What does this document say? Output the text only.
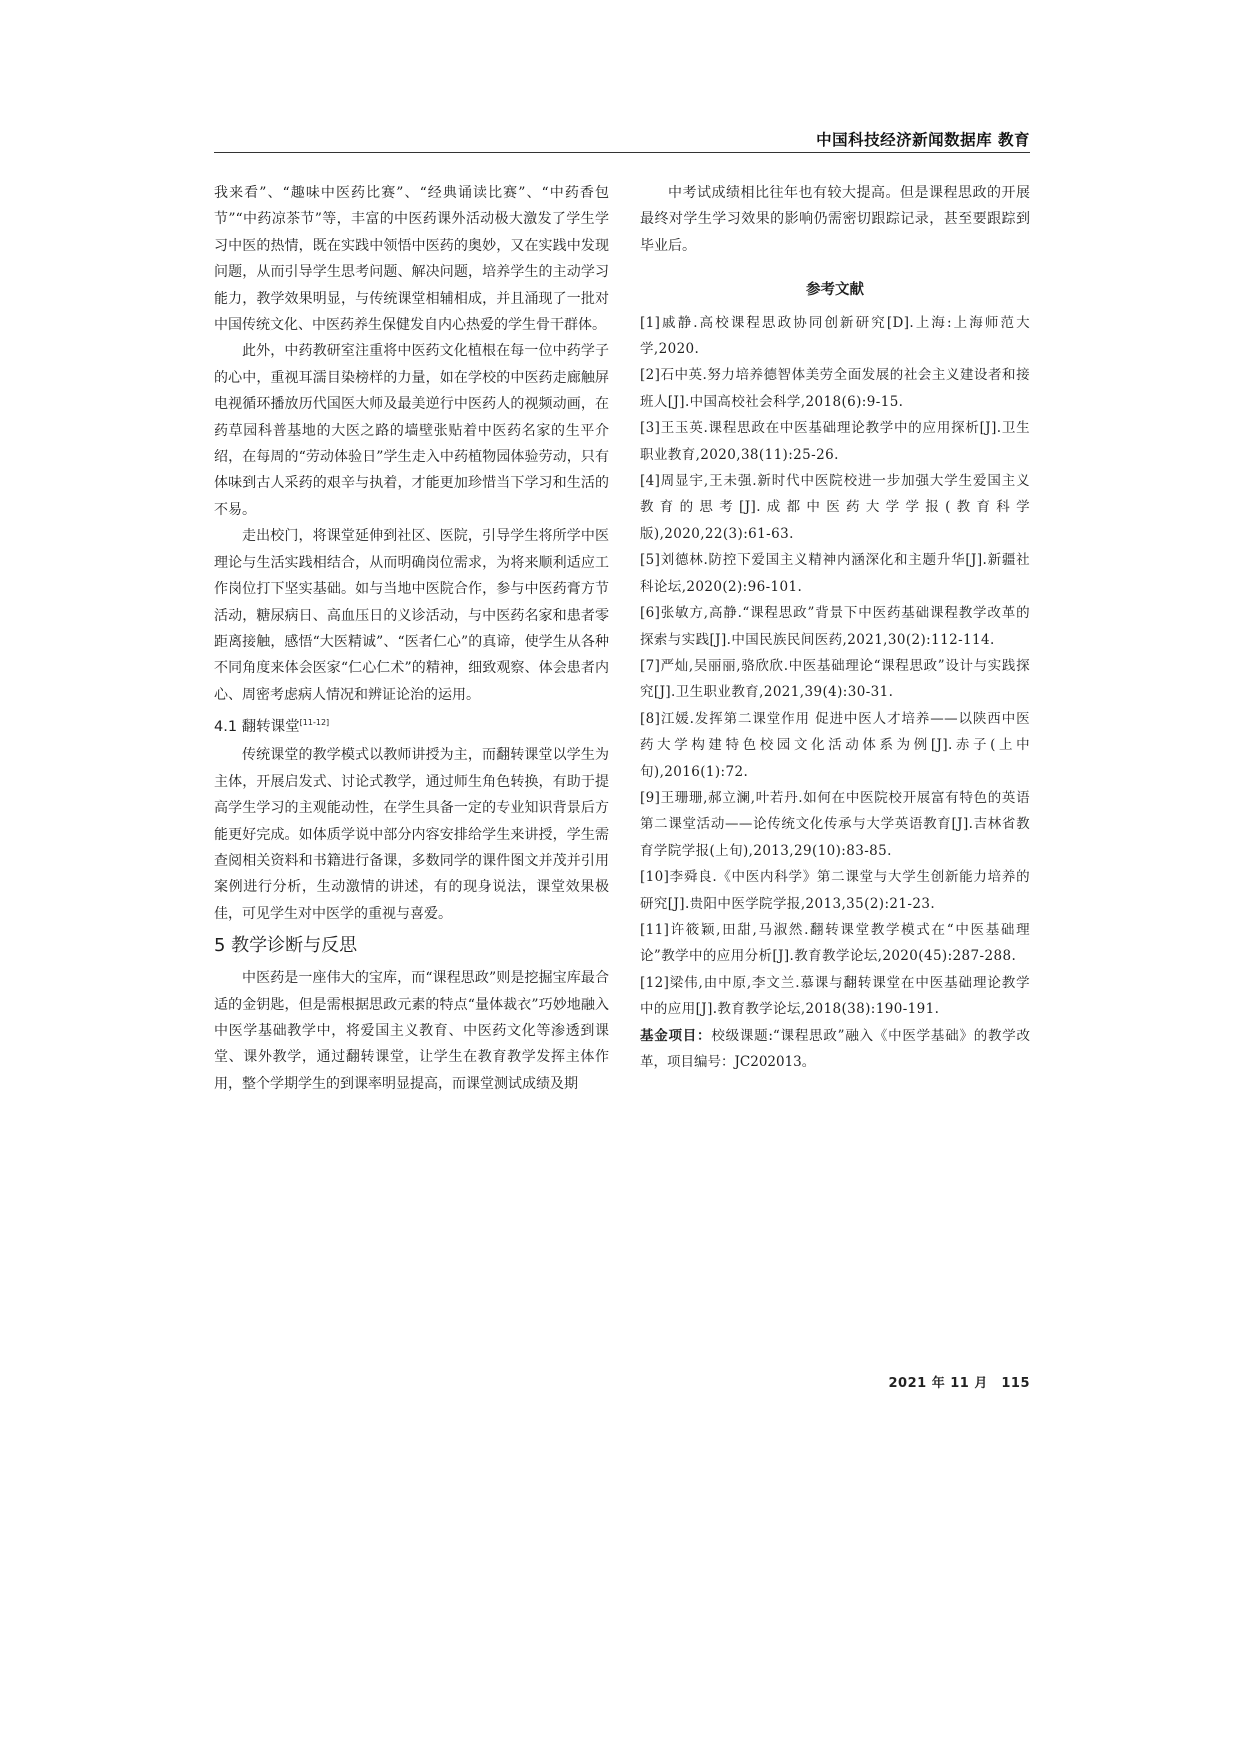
中国科技经济新闻数据库 教育

我来看”、“趣味中医药比赛”、“经典诵读比赛”、“中药香包节”“中药凉茶节”等，丰富的中医药课外活动极大激发了学生学习中医的热情，既在实践中领悟中医药的奥妙，又在实践中发现问题，从而引导学生思考问题、解决问题，培养学生的主动学习能力，教学效果明显，与传统课堂相辅相成，并且涌现了一批对中国传统文化、中医药养生保健发自内心热爱的学生骨干群体。

此外，中药教研室注重将中医药文化植根在每一位中药学子的心中，重视耳濡目染榜样的力量，如在学校的中医药走廊触屏电视循环播放历代国医大师及最美逆行中医药人的视频动画，在药草园科普基地的大医之路的墙壁张贴着中医药名家的生平介绍，在每周的“劳动体验日”学生走入中药植物园体验劳动，只有体味到古人采药的艰辛与执着，才能更加珍惜当下学习和生活的不易。

走出校门，将课堂延伸到社区、医院，引导学生将所学中医理论与生活实践相结合，从而明确岗位需求，为将来顺利适应工作岗位打下坚实基础。如与当地中医院合作，参与中医药膏方节活动，糖尿病日、高血压日的义诊活动，与中医药名家和患者零距离接触，感悟“大医精诚”、“医者仁心”的真谛，使学生从各种不同角度来体会医家“仁心仁术”的精神，细致观察、体会患者内心、周密考虑病人情况和辨证论治的运用。

4.1 翻转课堂[11-12]

传统课堂的教学模式以教师讲授为主，而翻转课堂以学生为主体，开展启发式、讨论式教学，通过师生角色转换，有助于提高学生学习的主观能动性，在学生具备一定的专业知识背景后方能更好完成。如体质学说中部分内容安排给学生来讲授，学生需查阅相关资料和书籍进行备课，多数同学的课件图文并茂并引用案例进行分析，生动激情的讲述，有的现身说法，课堂效果极佳，可见学生对中医学的重视与喜爱。

5 教学诊断与反思

中医药是一座伟大的宝库，而“课程思政”则是挖掘宝库最合适的金钥匙，但是需根据思政元素的特点“量体裁衣”巧妙地融入中医学基础教学中，将爱国主义教育、中医药文化等渗透到课堂、课外教学，通过翻转课堂，让学生在教育教学发挥主体作用，整个学期学生的到课率明显提高，而课堂测试成绩及期

中考试成绩相比往年也有较大提高。但是课程思政的开展最终对学生学习效果的影响仍需密切跟踪记录，甚至要跟踪到毕业后。

参考文献

[1]戚静.高校课程思政协同创新研究[D].上海:上海师范大学,2020.

[2]石中英.努力培养德智体美劳全面发展的社会主义建设者和接班人[J].中国高校社会科学,2018(6):9-15.

[3]王玉英.课程思政在中医基础理论教学中的应用探析[J].卫生职业教育,2020,38(11):25-26.

[4]周显宇,王未强.新时代中医院校进一步加强大学生爱国主义教育的思考[J].成都中医药大学学报(教育科学版),2020,22(3):61-63.

[5]刘德林.防控下爱国主义精神内涵深化和主题升华[J].新疆社科论坛,2020(2):96-101.

[6]张敏方,高静.“课程思政”背景下中医药基础课程教学改革的探索与实践[J].中国民族民间医药,2021,30(2):112-114.

[7]严灿,吴丽丽,骆欣欣.中医基础理论“课程思政”设计与实践探究[J].卫生职业教育,2021,39(4):30-31.

[8]江媛.发挥第二课堂作用 促进中医人才培养——以陕西中医药大学构建特色校园文化活动体系为例[J].赤子(上中旬),2016(1):72.

[9]王珊珊,郝立澜,叶若丹.如何在中医院校开展富有特色的英语第二课堂活动——论传统文化传承与大学英语教育[J].吉林省教育学院学报(上旬),2013,29(10):83-85.

[10]李舜良.《中医内科学》第二课堂与大学生创新能力培养的研究[J].贵阳中医学院学报,2013,35(2):21-23.

[11]许筱颖,田甜,马淑然.翻转课堂教学模式在“中医基础理论”教学中的应用分析[J].教育教学论坛,2020(45):287-288.

[12]梁伟,由中原,李文兰.慕课与翻转课堂在中医基础理论教学中的应用[J].教育教学论坛,2018(38):190-191.

基金项目：校级课题:“课程思政”融入《中医学基础》的教学改革，项目编号：JC202013。

2021 年 11 月　115
